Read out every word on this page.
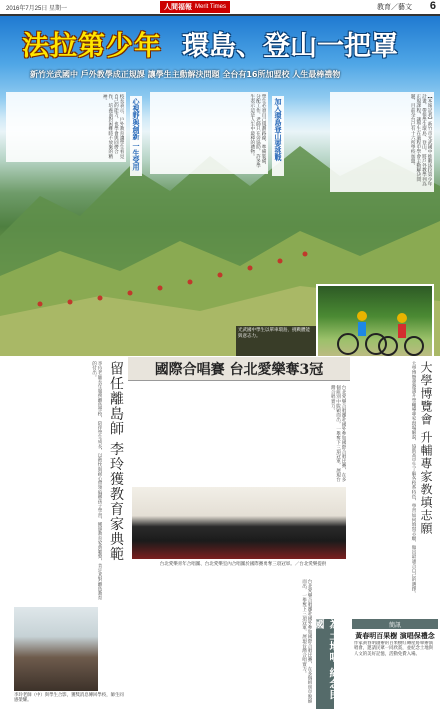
2016年7月25日 星期一	人間福報 Merit Times	教育／藝文 6
法拉第少年 環島、登山一把罩
新竹光武國中 戶外教學成正規課 讓學生主動解決問題 全台有16所加盟校 人生最棒禮物
【本報記者】新竹市光武國中推動法拉第少年計畫，帶領學生環島、登山，將戶外教學列為正規課程，讓學生在過程中學會主動解決問題，目前全台已有十六所學校加盟。
學生必須自己規劃路線、準備裝備、分配工作，老師只在旁協助，許多學生表示這是人生中最棒的禮物。
校長表示，戶外教育讓學生看見自己的能力，也學會與同儕合作，培養面對困難時不放棄的精神。	心視野與創新 一生受用	加入環島登山要挑戰
光武國中學生以單車環島，挑戰體能與意志力。
留任離島師 李玲獲教育家典範
李玲老師長年服務離島學校，陪伴學生成長，以熱忱與耐心帶領偏鄉孩子學習，獲頒教育家典範獎，肯定其對離島教育的付出。
李玲老師（中）與學生合影，獲獎消息傳回學校，師生同感榮耀。
國際合唱賽 台北愛樂奪3冠
台北愛樂合唱團赴國外參加國際合唱比賽，在多個組別中脫穎而出，一舉奪下三項冠軍，展現台灣合唱實力。
台北愛樂青年合唱團、台北愛樂室內合唱團於國際賽勇奪三項冠軍。／台北愛樂提供
台北愛樂合唱團赴國外參加國際合唱比賽，在多個組別中脫穎而出，一舉奪下三項冠軍，展現台灣合唱實力。	為土地唱 紀念民國
大學博覽會 升輔專家教填志願
大學博覽會邀請升學輔導專家現場解說，協助高中生了解各校系特色，學習如何填寫志願，做出最適合自己的選擇。
簡訊
黃春明百果樹 演唱保禮念
作家黃春明創辦的百果樹紅磚屋將舉辦演唱會，邀請民眾一同欣賞，並紀念土地與人文的美好記憶，活動免費入場。
